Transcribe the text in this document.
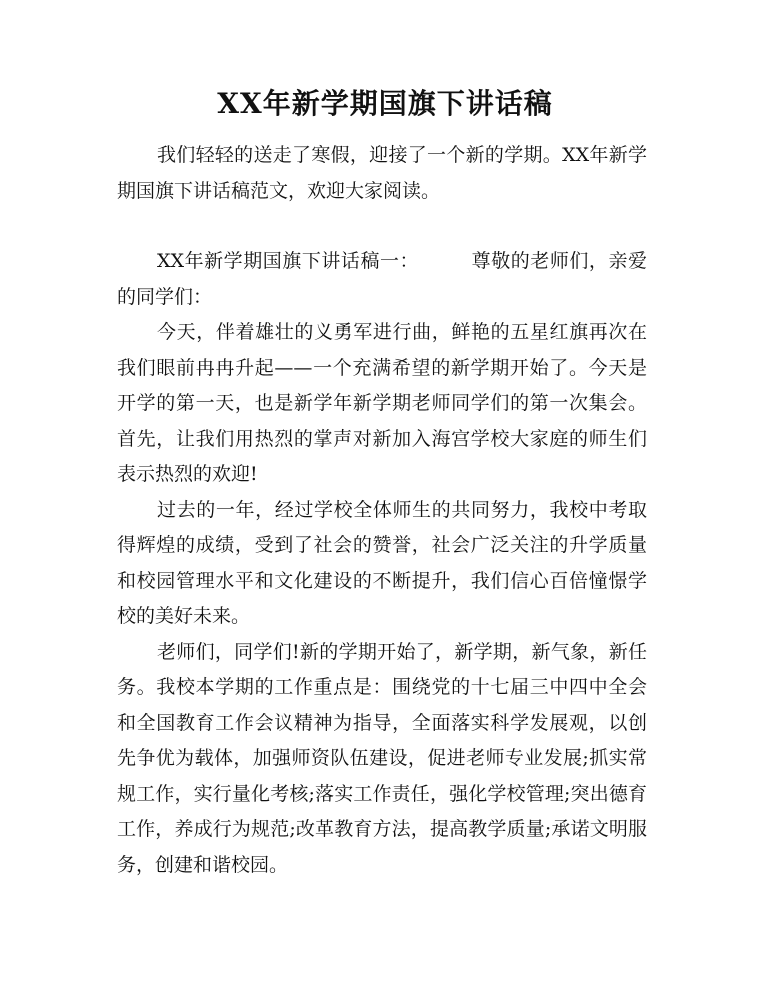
XX年新学期国旗下讲话稿

我们轻轻的送走了寒假，迎接了一个新的学期。XX年新学期国旗下讲话稿范文，欢迎大家阅读。

XX年新学期国旗下讲话稿一：	尊敬的老师们，亲爱的同学们：

今天，伴着雄壮的义勇军进行曲，鲜艳的五星红旗再次在我们眼前冉冉升起——一个充满希望的新学期开始了。今天是开学的第一天，也是新学年新学期老师同学们的第一次集会。首先，让我们用热烈的掌声对新加入海宫学校大家庭的师生们表示热烈的欢迎!

过去的一年，经过学校全体师生的共同努力，我校中考取得辉煌的成绩，受到了社会的赞誉，社会广泛关注的升学质量和校园管理水平和文化建设的不断提升，我们信心百倍憧憬学校的美好未来。

老师们，同学们!新的学期开始了，新学期，新气象，新任务。我校本学期的工作重点是：围绕党的十七届三中四中全会和全国教育工作会议精神为指导，全面落实科学发展观，以创先争优为载体，加强师资队伍建设，促进老师专业发展;抓实常规工作，实行量化考核;落实工作责任，强化学校管理;突出德育工作，养成行为规范;改革教育方法，提高教学质量;承诺文明服务，创建和谐校园。
